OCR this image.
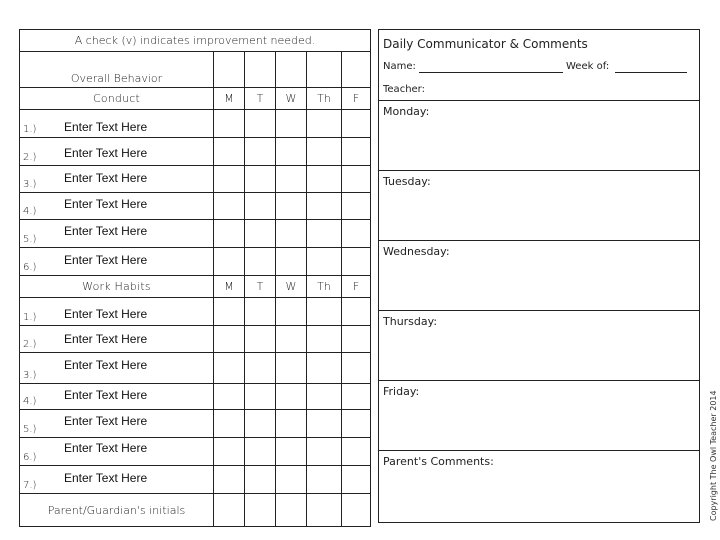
A check (v) indicates improvement needed.					
Overall Behavior					
Conduct	M	T	W	Th	F

1.) Enter Text Here					

2.) Enter Text Here					

3.) Enter Text Here					

4.)
Enter Text Here					

5.)
Enter Text Here					

6.)
Enter Text Here					

Work Habits	M	T	W	Th	F

1.) Enter Text Here					

2.) Enter Text Here					

3.)
Enter Text Here					

4.) Enter Text Here					

5.)
Enter Text Here					

6.)
Enter Text Here					

7.)
Enter Text Here					

Parent/Guardian's initials					
Daily Communicator & Comments
Name:	Week of:
Teacher:
Monday:
Tuesday:
Wednesday:
Thursday:
Friday:
Parent's Comments:	Copyright The Owl Teacher 2014
